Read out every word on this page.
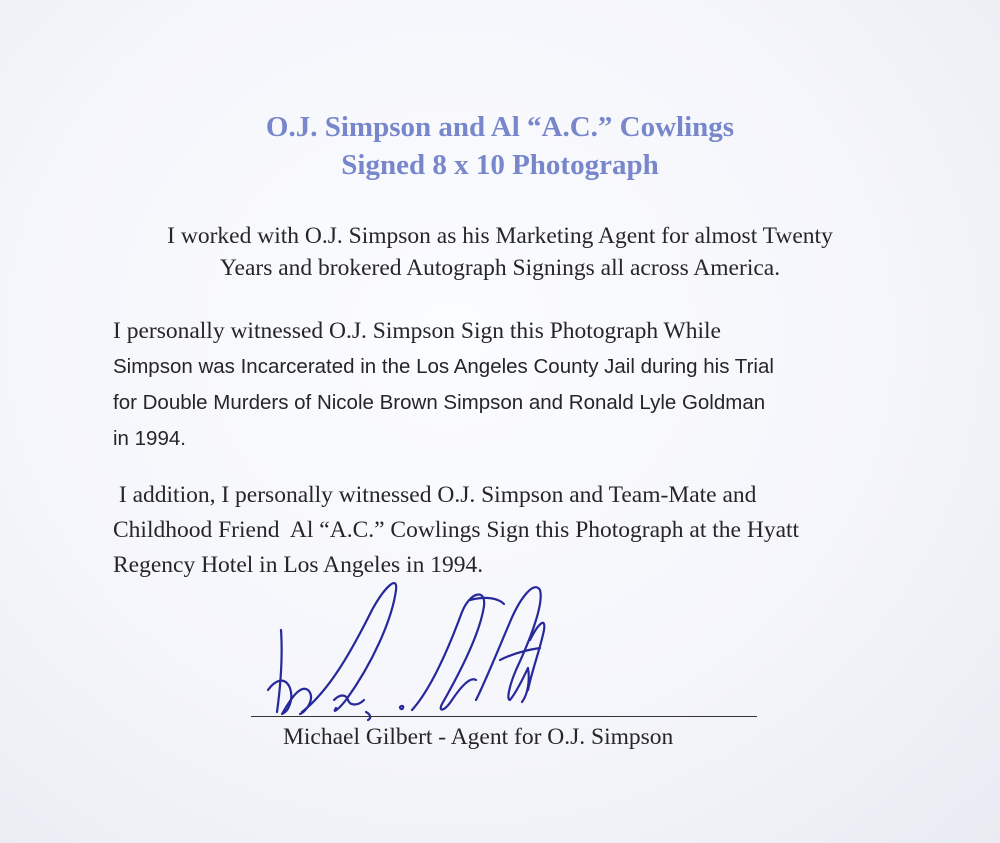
O.J. Simpson and Al “A.C.” Cowlings
Signed 8 x 10 Photograph

I worked with O.J. Simpson as his Marketing Agent for almost Twenty
Years and brokered Autograph Signings all across America.

I personally witnessed O.J. Simpson Sign this Photograph While
Simpson was Incarcerated in the Los Angeles County Jail during his Trial
for Double Murders of Nicole Brown Simpson and Ronald Lyle Goldman
in 1994.

I addition, I personally witnessed O.J. Simpson and Team-Mate and
Childhood Friend  Al “A.C.” Cowlings Sign this Photograph at the Hyatt
Regency Hotel in Los Angeles in 1994.

Michael Gilbert - Agent for O.J. Simpson
